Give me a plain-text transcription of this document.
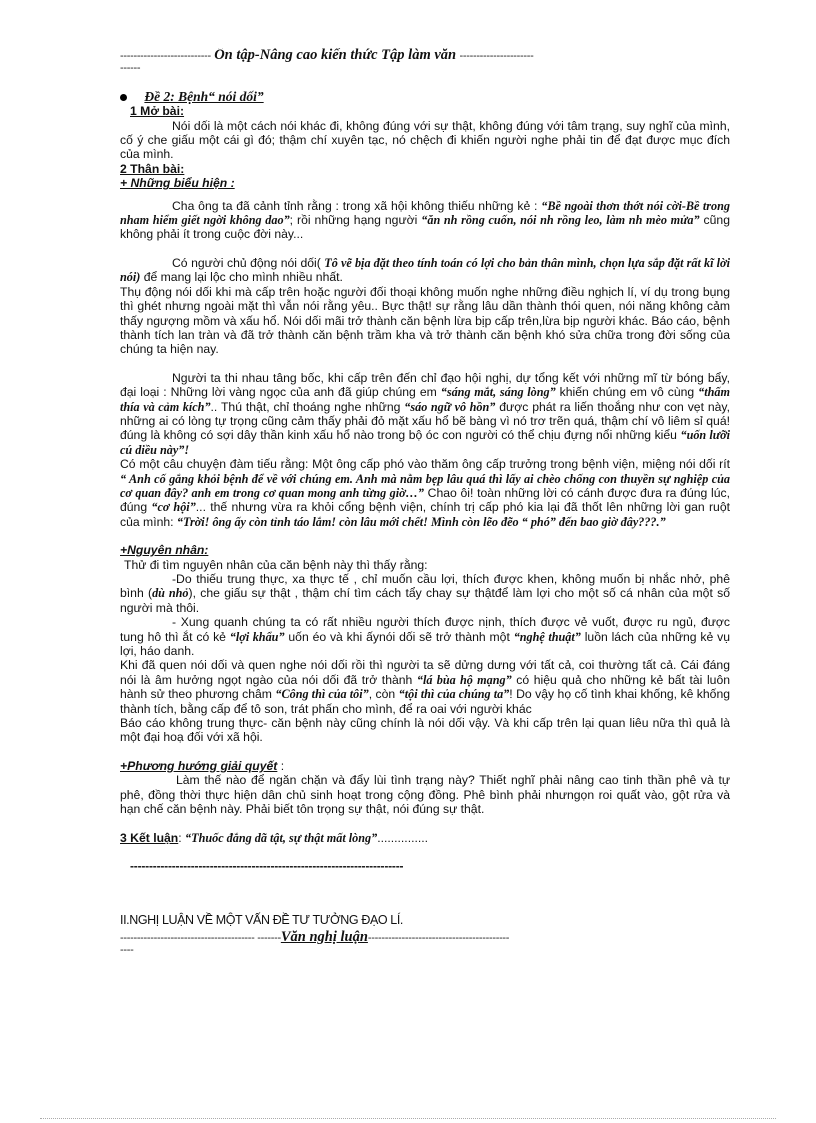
--------------------------- Ôn tập-Nâng cao kiến thức Tập làm văn ----------------------
------
Đề 2: Bệnh“ nói dối”
1 Mở bài:

Nói dối là một cách nói khác đi, không đúng với sự thật, không đúng với tâm trạng, suy nghĩ của mình, cố ý che giấu một cái gì đó; thậm chí xuyên tạc, nó chệch đi khiến người nghe phải tin để đạt được mục đích của mình.

2 Thân bài:
+ Những biểu hiện :

Cha ông ta đã cảnh tỉnh rằng : trong xã hội không thiếu những kẻ : “Bề ngoài thơn thớt nói cời-Bề trong nham hiểm giết ngời không dao”; rồi những hạng người “ăn nh rồng cuốn, nói nh rồng leo, làm nh mèo mửa” cũng không phải ít trong cuộc đời này...

Có người chủ động nói dối( Tô vẽ bịa đặt theo tính toán có lợi cho bản thân mình, chọn lựa sắp đặt rất kĩ lời nói) để mang lại lộc cho mình nhiều nhất.

Thụ động nói dối khi mà cấp trên hoặc người đối thoại không muốn nghe những điều nghịch lí, ví dụ trong bụng thì ghét nhưng ngoài mặt thì vẫn nói rằng yêu.. Bực thật! sự rằng lâu dần thành thói quen, nói năng không cảm thấy ngượng mồm và xấu hổ. Nói dối mãi trở thành căn bệnh lừa bịp cấp trên,lừa bịp người khác. Báo cáo, bệnh thành tích lan tràn và đã trở thành căn bệnh trầm kha và trở thành căn bệnh khó sửa chữa trong đời sống của chúng ta hiện nay.

Người ta thi nhau tâng bốc, khi cấp trên đến chỉ đạo hội nghị, dự tổng kết với những mĩ từ bóng bẩy, đại loại : Những lời vàng ngọc của anh đã giúp chúng em “sáng mắt, sáng lòng” khiến chúng em vô cùng “thấm thía và cảm kích”.. Thú thật, chỉ thoáng nghe những “sáo ngữ vô hồn” được phát ra liến thoắng như con vẹt này, những ai có lòng tự trọng cũng cảm thấy phải đỏ mặt xấu hổ bẽ bàng vì nó trơ trẽn quá, thậm chí vô liêm sỉ quá! đúng là không có sợi dây thần kinh xấu hổ nào trong bộ óc con người có thể chịu đựng nổi những kiểu “uốn lưỡi cú diều này”!

Có một câu chuyện đàm tiếu rằng: Một ông cấp phó vào thăm ông cấp trưởng trong bệnh viện, miệng nói dối rít “ Anh cố gắng khỏi bệnh để về với chúng em. Anh mà nằm bẹp lâu quá thì lấy ai chèo chống con thuyền sự nghiệp của cơ quan đây? anh em trong cơ quan mong anh từng giờ…” Chao ôi! toàn những lời có cánh được đưa ra đúng lúc, đúng “cơ hội”... thế nhưng vừa ra khỏi cổng bệnh viện, chính trị cấp phó kia lại đã thốt lên những lời gan ruột của mình: “Trời! ông ấy còn tỉnh táo lắm! còn lâu mới chết! Mình còn lẽo đẽo “ phó” đến bao giờ đây???.”

+Nguyên nhân:

Thử đi tìm nguyên nhân của căn bệnh này thì thấy rằng:

-Do thiếu trung thực, xa thực tế , chỉ muốn cầu lợi, thích được khen, không muốn bị nhắc nhở, phê bình (dù nhỏ), che giấu sự thật , thậm chí tìm cách tẩy chay sự thậtđể làm lợi cho một số cá nhân của một số người mà thôi.

- Xung quanh chúng ta có rất nhiều người thích được nịnh, thích được vẻ vuốt, được ru ngủ, được tung hô thì ắt có kẻ “lợi khẩu” uốn éo và khi ấynói dối sẽ trở thành một “nghệ thuật” luồn lách của những kẻ vụ lợi, háo danh.

Khi đã quen nói dối và quen nghe nói dối rồi thì người ta sẽ dửng dưng với tất cả, coi thường tất cả. Cái đáng nói là âm hưởng ngọt ngào của nói dối đã trở thành “lá bùa hộ mạng” có hiệu quả cho những kẻ bất tài luôn hành sử theo phương châm “Công thì của tôi”, còn “tội thì của chúng ta”! Do vậy họ cố tình khai khống, kê khống thành tích, bằng cấp để tô son, trát phấn cho mình, để ra oai với người khác

Báo cáo không trung thực- căn bệnh này cũng chính là nói dối vậy. Và khi cấp trên lại quan liêu nữa thì quả là một đại hoạ đối với xã hội.

+Phương hướng giải quyết :

Làm thế nào để ngăn chặn và đẩy lùi tình trạng này? Thiết nghĩ phải nâng cao tinh thần phê và tự phê, đồng thời thực hiện dân chủ sinh hoạt trong cộng đồng. Phê bình phải nhưngọn roi quất vào, gột rửa và hạn chế căn bệnh này. Phải biết tôn trọng sự thật, nói đúng sự thật.

3 Kết luận: “Thuốc đắng dã tật, sự thật mất lòng”...............
------------------------------------------------------------------------
II.NGHỊ LUẬN VỀ MỘT VẤN ĐỀ TƯ TƯỞNG ĐẠO LÍ.
---------------------------------------- -------Văn nghị luận------------------------------------------
----
